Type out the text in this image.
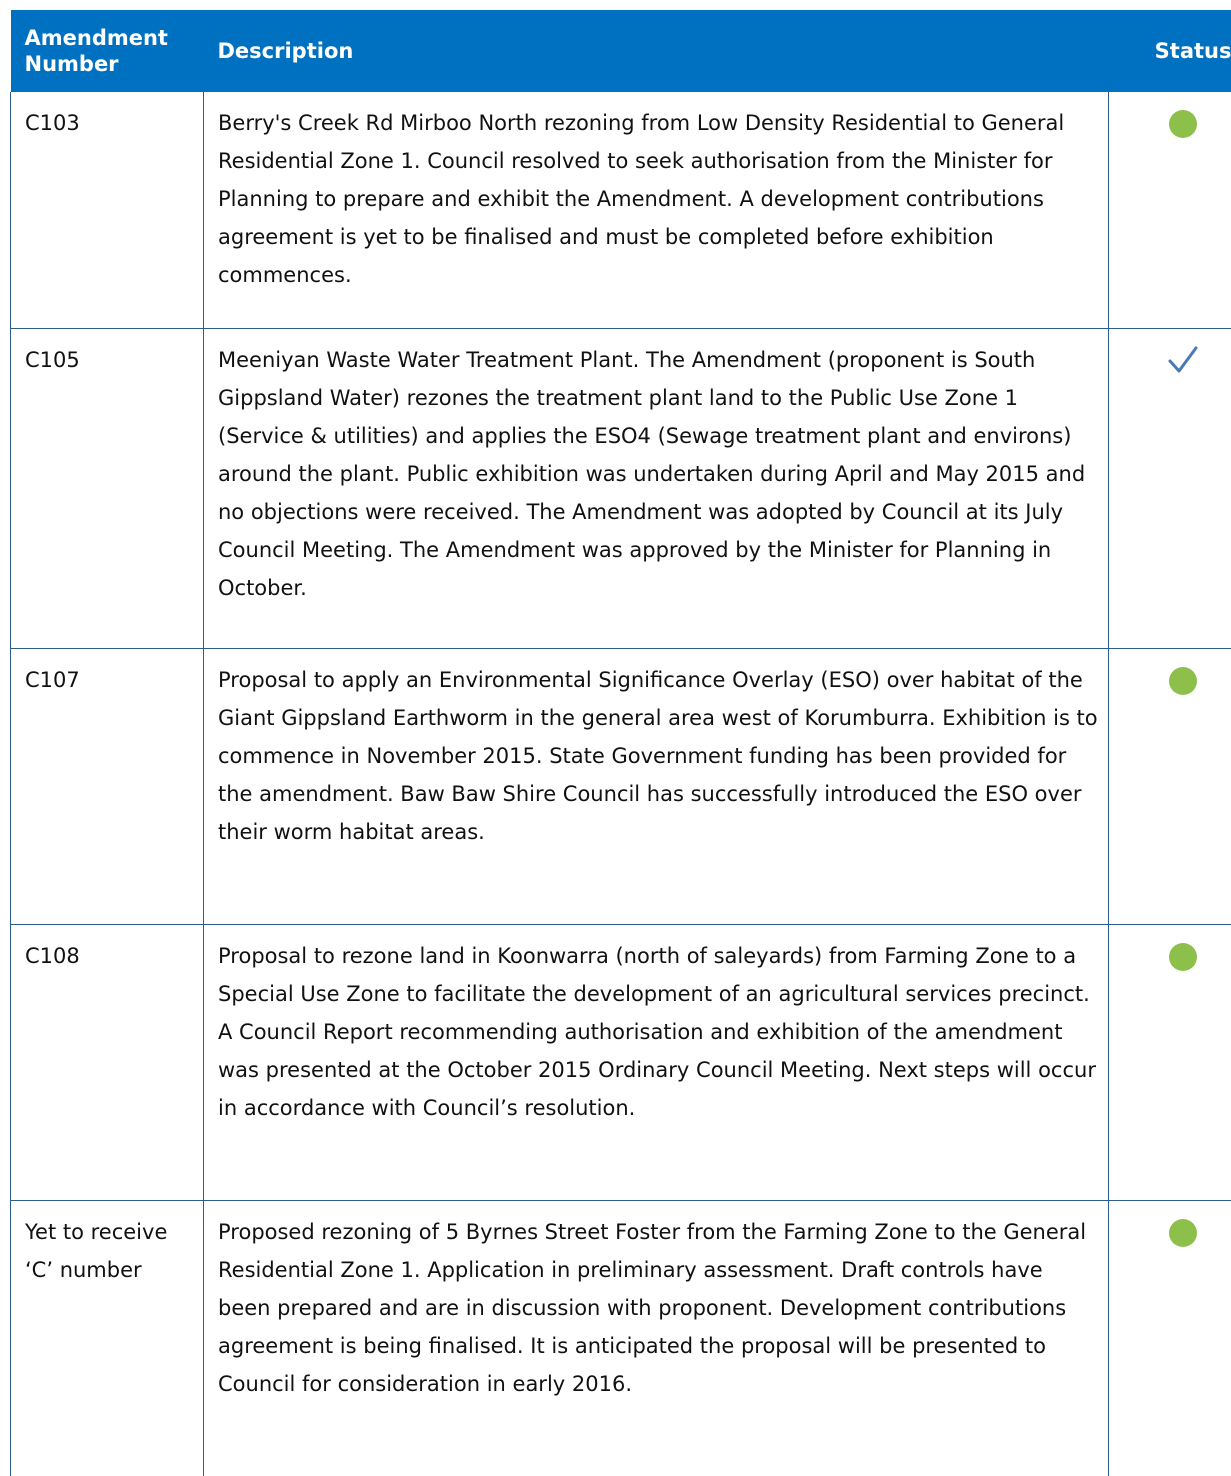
Amendment Number	Description	Status
C103	Berry's Creek Rd Mirboo North rezoning from Low Density Residential to General Residential Zone 1. Council resolved to seek authorisation from the Minister for Planning to prepare and exhibit the Amendment. A development contributions agreement is yet to be finalised and must be completed before exhibition commences.	
C105	Meeniyan Waste Water Treatment Plant. The Amendment (proponent is South Gippsland Water) rezones the treatment plant land to the Public Use Zone 1 (Service & utilities) and applies the ESO4 (Sewage treatment plant and environs) around the plant. Public exhibition was undertaken during April and May 2015 and no objections were received. The Amendment was adopted by Council at its July Council Meeting. The Amendment was approved by the Minister for Planning in October.	
C107	Proposal to apply an Environmental Significance Overlay (ESO) over habitat of the Giant Gippsland Earthworm in the general area west of Korumburra. Exhibition is to commence in November 2015. State Government funding has been provided for the amendment. Baw Baw Shire Council has successfully introduced the ESO over their worm habitat areas.	
C108	Proposal to rezone land in Koonwarra (north of saleyards) from Farming Zone to a Special Use Zone to facilitate the development of an agricultural services precinct. A Council Report recommending authorisation and exhibition of the amendment was presented at the October 2015 Ordinary Council Meeting. Next steps will occur in accordance with Council’s resolution.	
Yet to receive ‘C’ number	Proposed rezoning of 5 Byrnes Street Foster from the Farming Zone to the General Residential Zone 1. Application in preliminary assessment. Draft controls have been prepared and are in discussion with proponent. Development contributions agreement is being finalised. It is anticipated the proposal will be presented to Council for consideration in early 2016.	
